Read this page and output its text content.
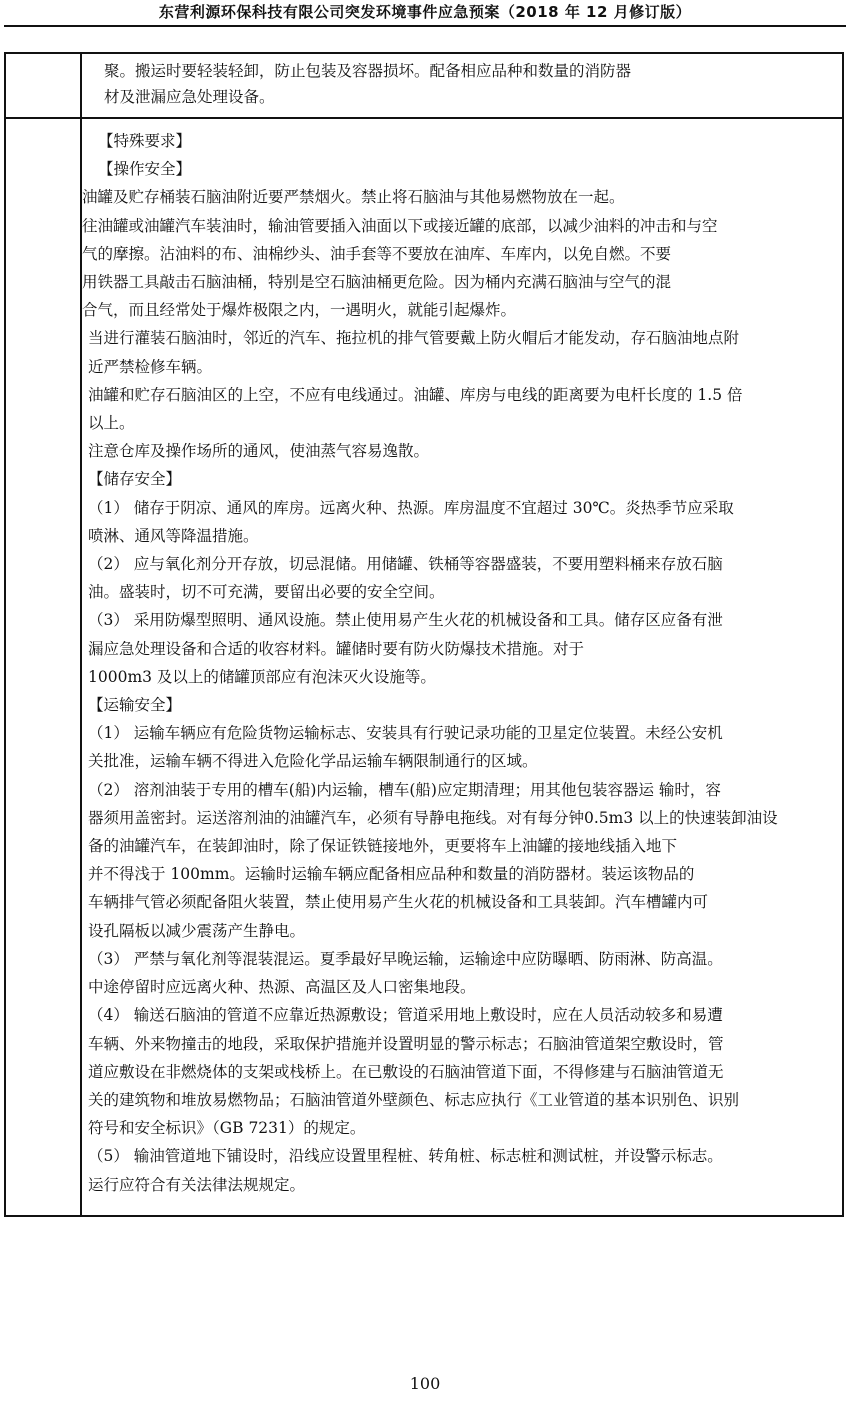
东营利源环保科技有限公司突发环境事件应急预案（2018 年 12 月修订版）
聚。搬运时要轻装轻卸，防止包装及容器损坏。配备相应品种和数量的消防器
材及泄漏应急处理设备。

【特殊要求】

【操作安全】

油罐及贮存桶装石脑油附近要严禁烟火。禁止将石脑油与其他易燃物放在一起。

往油罐或油罐汽车装油时，输油管要插入油面以下或接近罐的底部，以减少油料的冲击和与空

气的摩擦。沾油料的布、油棉纱头、油手套等不要放在油库、车库内，以免自燃。不要

用铁器工具敲击石脑油桶，特别是空石脑油桶更危险。因为桶内充满石脑油与空气的混

合气，而且经常处于爆炸极限之内，一遇明火，就能引起爆炸。

当进行灌装石脑油时，邻近的汽车、拖拉机的排气管要戴上防火帽后才能发动，存石脑油地点附

近严禁检修车辆。

油罐和贮存石脑油区的上空，不应有电线通过。油罐、库房与电线的距离要为电杆长度的 1.5 倍

以上。

注意仓库及操作场所的通风，使油蒸气容易逸散。

【储存安全】

（1） 储存于阴凉、通风的库房。远离火种、热源。库房温度不宜超过 30℃。炎热季节应采取

喷淋、通风等降温措施。

（2） 应与氧化剂分开存放，切忌混储。用储罐、铁桶等容器盛装，不要用塑料桶来存放石脑

油。盛装时，切不可充满，要留出必要的安全空间。

（3） 采用防爆型照明、通风设施。禁止使用易产生火花的机械设备和工具。储存区应备有泄

漏应急处理设备和合适的收容材料。罐储时要有防火防爆技术措施。对于

1000m3 及以上的储罐顶部应有泡沫灭火设施等。

【运输安全】

（1） 运输车辆应有危险货物运输标志、安装具有行驶记录功能的卫星定位装置。未经公安机

关批准，运输车辆不得进入危险化学品运输车辆限制通行的区域。

（2） 溶剂油装于专用的槽车(船)内运输，槽车(船)应定期清理；用其他包装容器运 输时，容

器须用盖密封。运送溶剂油的油罐汽车，必须有导静电拖线。对有每分钟0.5m3 以上的快速装卸油设

备的油罐汽车，在装卸油时，除了保证铁链接地外，更要将车上油罐的接地线插入地下

并不得浅于 100mm。运输时运输车辆应配备相应品种和数量的消防器材。装运该物品的

车辆排气管必须配备阻火装置，禁止使用易产生火花的机械设备和工具装卸。汽车槽罐内可

设孔隔板以减少震荡产生静电。

（3） 严禁与氧化剂等混装混运。夏季最好早晚运输，运输途中应防曝晒、防雨淋、防高温。

中途停留时应远离火种、热源、高温区及人口密集地段。

（4） 输送石脑油的管道不应靠近热源敷设；管道采用地上敷设时，应在人员活动较多和易遭

车辆、外来物撞击的地段，采取保护措施并设置明显的警示标志；石脑油管道架空敷设时，管

道应敷设在非燃烧体的支架或栈桥上。在已敷设的石脑油管道下面，不得修建与石脑油管道无

关的建筑物和堆放易燃物品；石脑油管道外壁颜色、标志应执行《工业管道的基本识别色、识别

符号和安全标识》（GB 7231）的规定。

（5） 输油管道地下铺设时，沿线应设置里程桩、转角桩、标志桩和测试桩，并设警示标志。

运行应符合有关法律法规规定。

100
